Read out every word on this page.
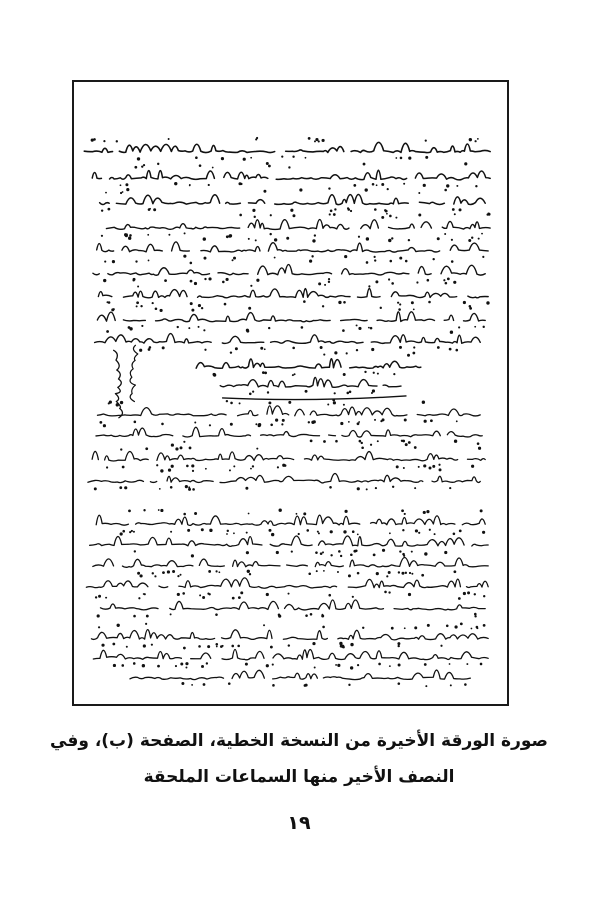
صورة الورقة الأخيرة من النسخة الخطية، الصفحة (ب)، وفي
النصف الأخير منها السماعات الملحقة
١٩
